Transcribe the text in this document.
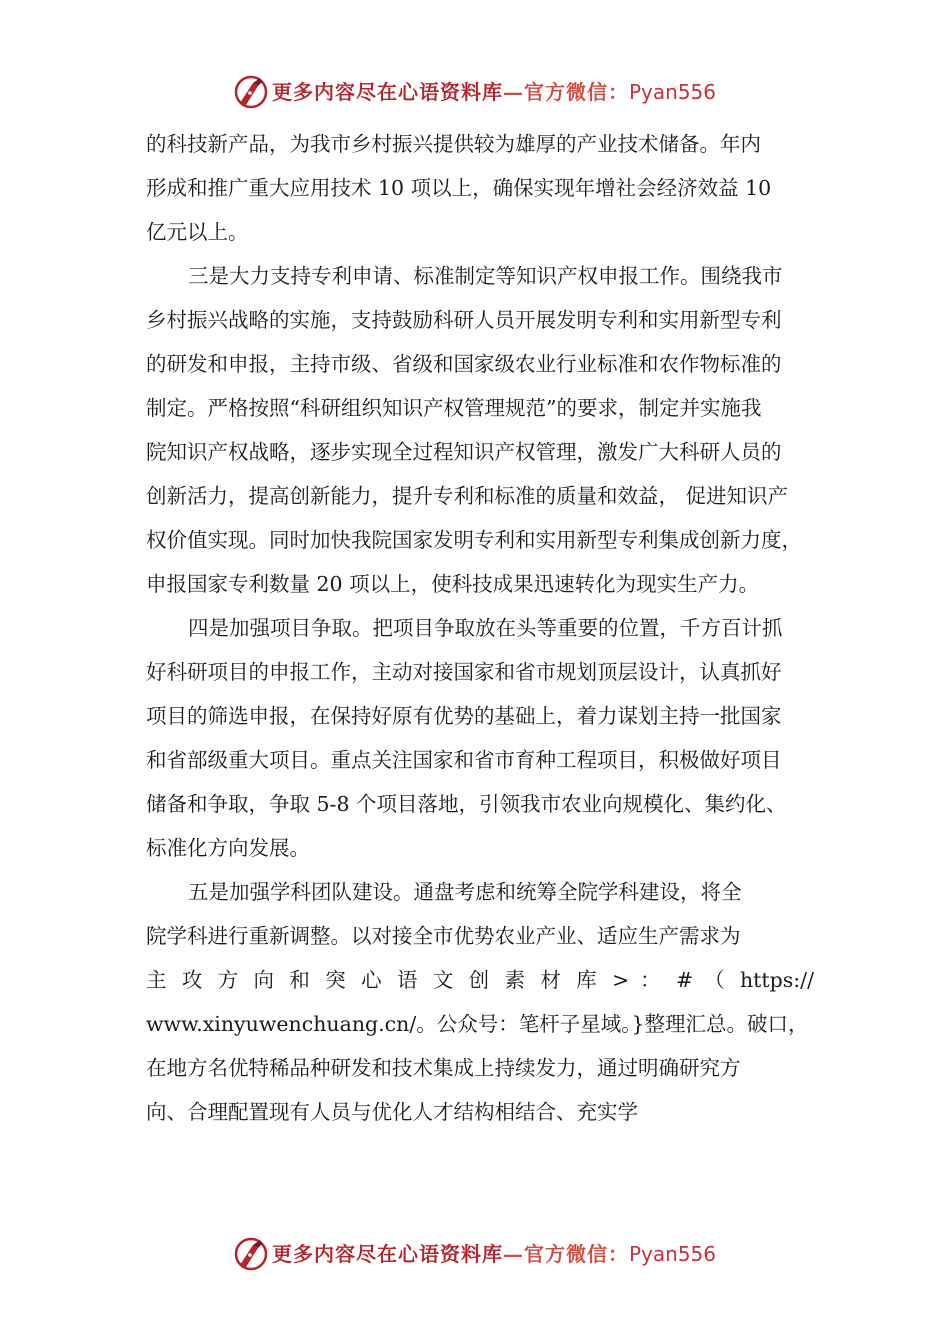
更多内容尽在心语资料库—官方微信：Pyan556
的科技新产品，为我市乡村振兴提供较为雄厚的产业技术储备。年内
形成和推广重大应用技术 10 项以上，确保实现年增社会经济效益 10
亿元以上。
三是大力支持专利申请、标准制定等知识产权申报工作。围绕我市
乡村振兴战略的实施，支持鼓励科研人员开展发明专利和实用新型专利
的研发和申报，主持市级、省级和国家级农业行业标准和农作物标准的
制定。严格按照“科研组织知识产权管理规范”的要求，制定并实施我
院知识产权战略，逐步实现全过程知识产权管理，激发广大科研人员的
创新活力，提高创新能力，提升专利和标准的质量和效益， 促进知识产
权价值实现。同时加快我院国家发明专利和实用新型专利集成创新力度，
申报国家专利数量 20 项以上，使科技成果迅速转化为现实生产力。
四是加强项目争取。把项目争取放在头等重要的位置，千方百计抓
好科研项目的申报工作，主动对接国家和省市规划顶层设计，认真抓好
项目的筛选申报，在保持好原有优势的基础上，着力谋划主持一批国家
和省部级重大项目。重点关注国家和省市育种工程项目，积极做好项目
储备和争取，争取 5-8 个项目落地，引领我市农业向规模化、集约化、
标准化方向发展。
五是加强学科团队建设。通盘考虑和统筹全院学科建设，将全
院学科进行重新调整。以对接全市优势农业产业、适应生产需求为
主 攻 方 向 和 突 心 语 文 创 素 材 库 > ： # （ https://
www.xinyuwenchuang.cn/。公众号：笔杆子星域。}整理汇总。破口，
在地方名优特稀品种研发和技术集成上持续发力，通过明确研究方
向、合理配置现有人员与优化人才结构相结合、充实学
更多内容尽在心语资料库—官方微信：Pyan556
